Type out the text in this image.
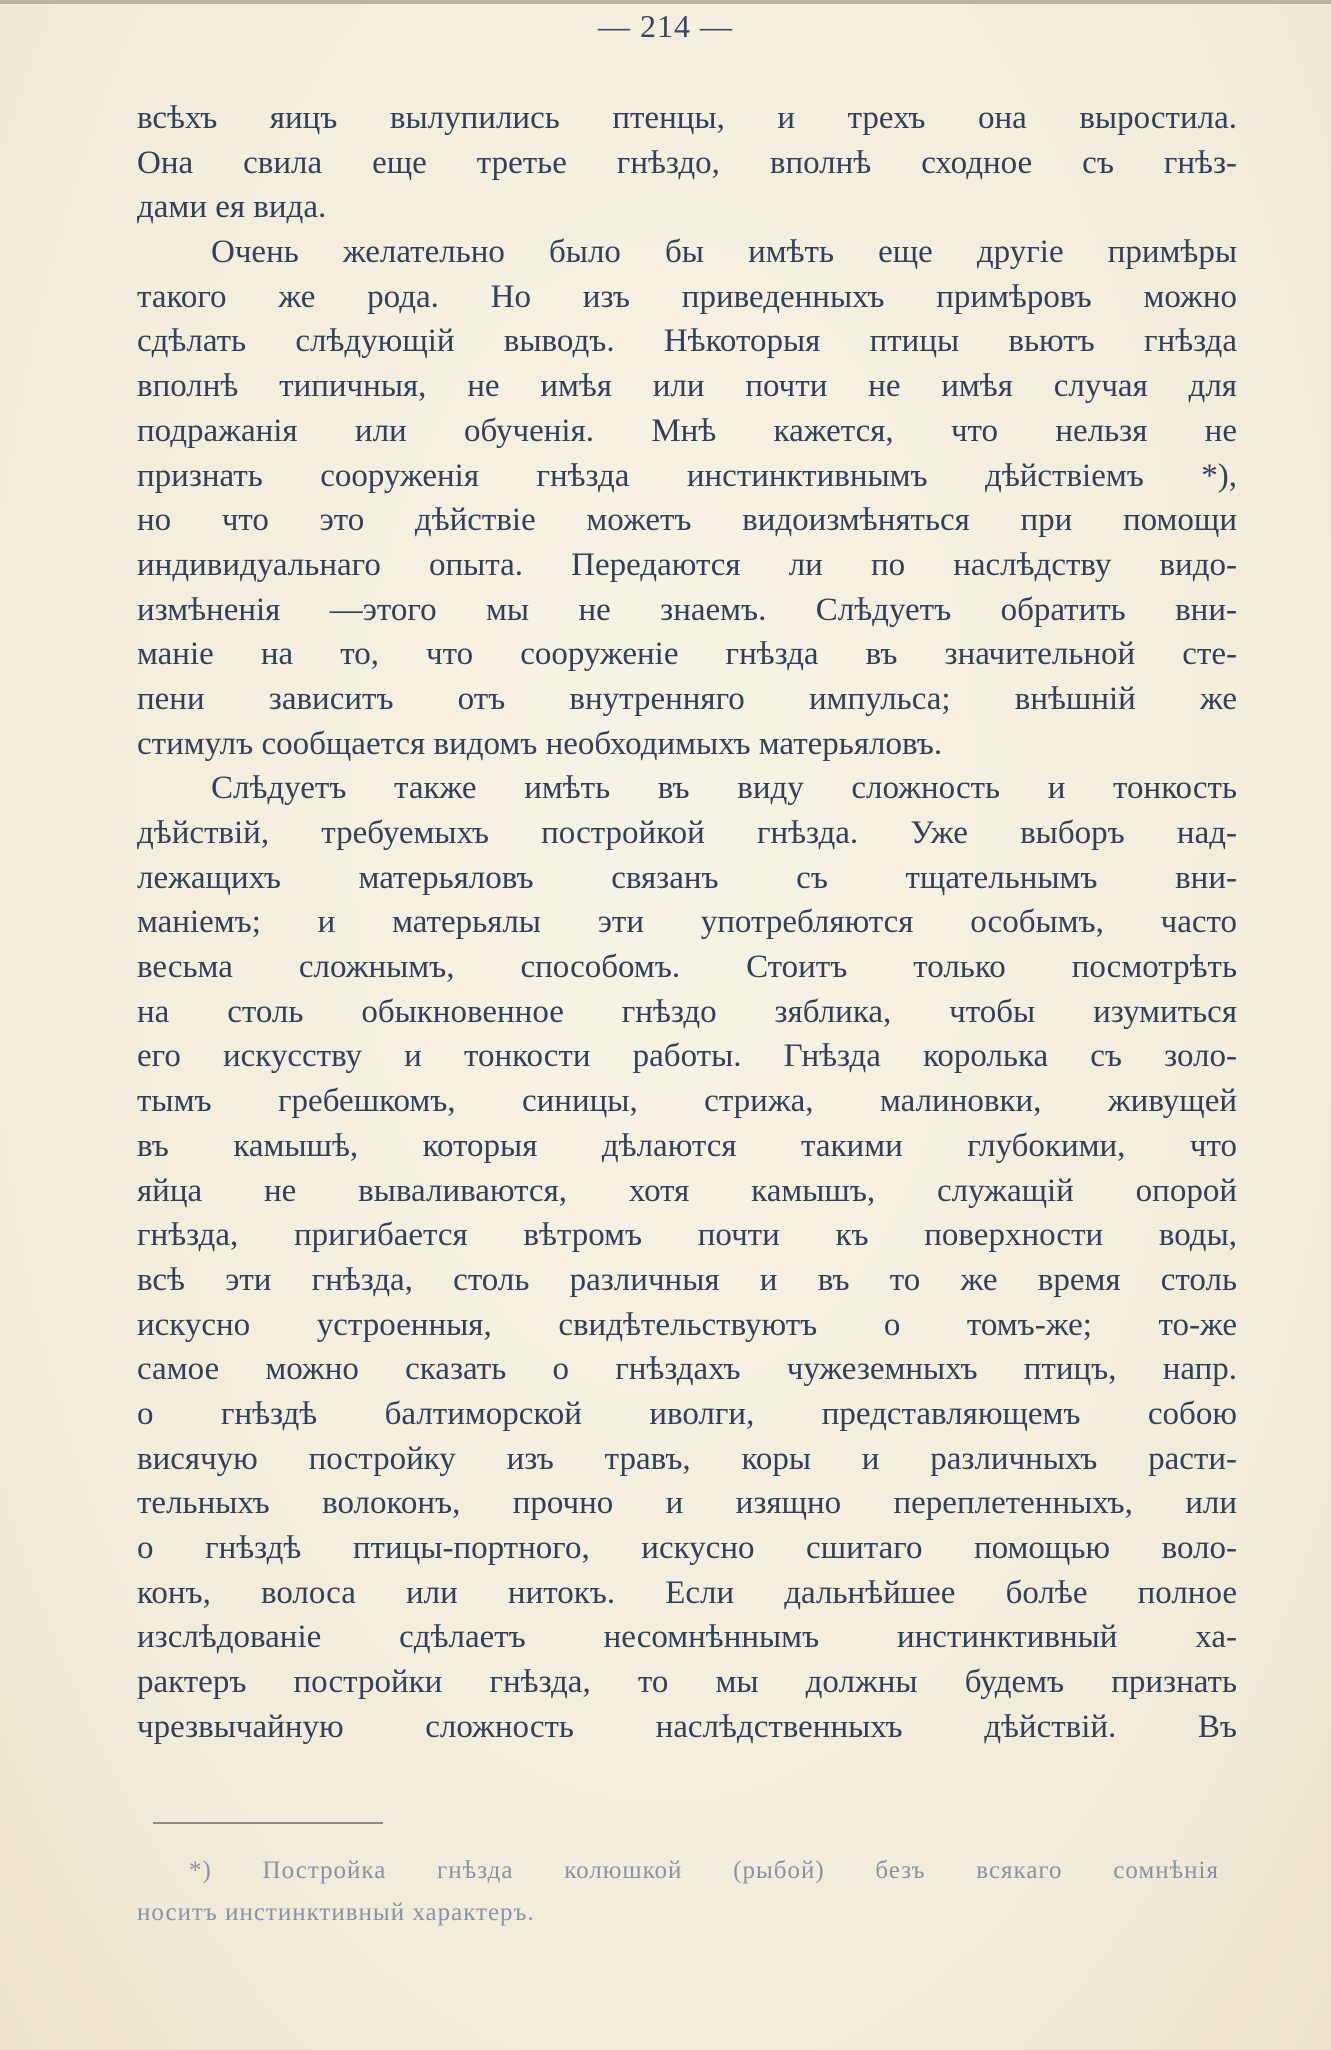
— 214 —
всѣхъ яицъ вылупились птенцы, и трехъ она выростила.
Она свила еще третье гнѣздо, вполнѣ сходное съ гнѣз-
дами ея вида.
Очень желательно было бы имѣть еще другіе примѣры
такого же рода. Но изъ приведенныхъ примѣровъ можно
сдѣлать слѣдующій выводъ. Нѣкоторыя птицы вьютъ гнѣзда
вполнѣ типичныя, не имѣя или почти не имѣя случая для
подражанія или обученія. Мнѣ кажется, что нельзя не
признать сооруженія гнѣзда инстинктивнымъ дѣйствіемъ *),
но что это дѣйствіе можетъ видоизмѣняться при помощи
индивидуальнаго опыта. Передаются ли по наслѣдству видо-
измѣненія —этого мы не знаемъ. Слѣдуетъ обратить вни-
маніе на то, что сооруженіе гнѣзда въ значительной сте-
пени зависитъ отъ внутренняго импульса; внѣшній же
стимулъ сообщается видомъ необходимыхъ матерьяловъ.
Слѣдуетъ также имѣть въ виду сложность и тонкость
дѣйствій, требуемыхъ постройкой гнѣзда. Уже выборъ над-
лежащихъ матерьяловъ связанъ съ тщательнымъ вни-
маніемъ; и матерьялы эти употребляются особымъ, часто
весьма сложнымъ, способомъ. Стоитъ только посмотрѣть
на столь обыкновенное гнѣздо зяблика, чтобы изумиться
его искусству и тонкости работы. Гнѣзда королька съ золо-
тымъ гребешкомъ, синицы, стрижа, малиновки, живущей
въ камышѣ, которыя дѣлаются такими глубокими, что
яйца не вываливаются, хотя камышъ, служащій опорой
гнѣзда, пригибается вѣтромъ почти къ поверхности воды,
всѣ эти гнѣзда, столь различныя и въ то же время столь
искусно устроенныя, свидѣтельствуютъ о томъ-же; то-же
самое можно сказать о гнѣздахъ чужеземныхъ птицъ, напр.
о гнѣздѣ балтиморской иволги, представляющемъ собою
висячую постройку изъ травъ, коры и различныхъ расти-
тельныхъ волоконъ, прочно и изящно переплетенныхъ, или
о гнѣздѣ птицы-портного, искусно сшитаго помощью воло-
конъ, волоса или нитокъ. Если дальнѣйшее болѣе полное
изслѣдованіе сдѣлаетъ несомнѣннымъ инстинктивный ха-
рактеръ постройки гнѣзда, то мы должны будемъ признать
чрезвычайную сложность наслѣдственныхъ дѣйствій. Въ
*) Постройка гнѣзда колюшкой (рыбой) безъ всякаго сомнѣнія
носитъ инстинктивный характеръ.
